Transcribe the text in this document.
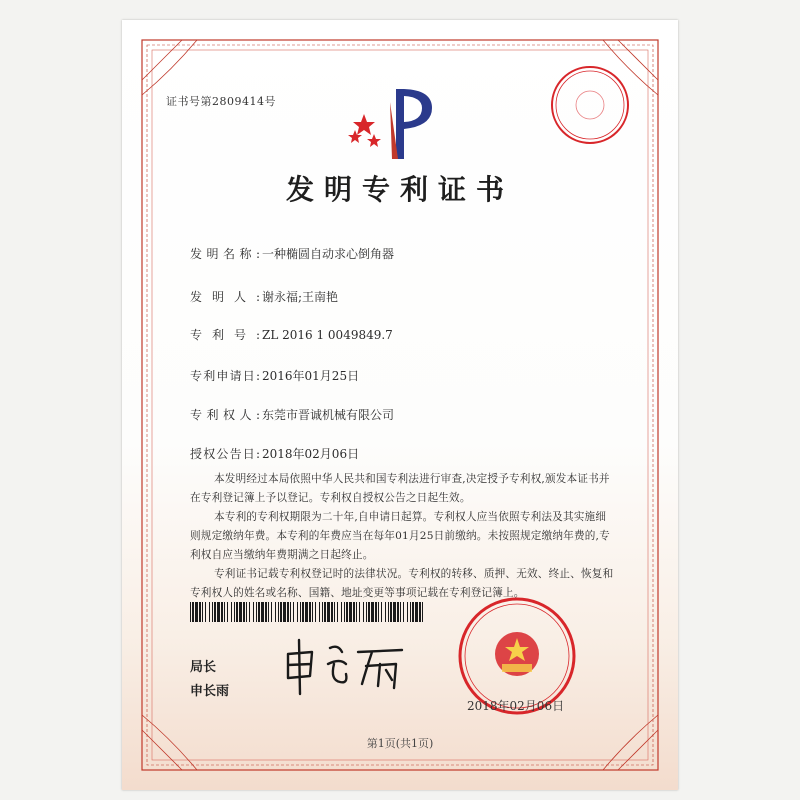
证书号第2809414号
发明专利证书
发明名称: 一种椭圆自动求心倒角器
发明人: 谢永福;王南艳
专利号: ZL 2016 1 0049849.7
专利申请日: 2016年01月25日
专利权人: 东莞市晋诚机械有限公司
授权公告日: 2018年02月06日
本发明经过本局依照中华人民共和国专利法进行审查,决定授予专利权,颁发本证书并在专利登记簿上予以登记。专利权自授权公告之日起生效。
本专利的专利权期限为二十年,自申请日起算。专利权人应当依照专利法及其实施细则规定缴纳年费。本专利的年费应当在每年01月25日前缴纳。未按照规定缴纳年费的,专利权自应当缴纳年费期满之日起终止。
专利证书记载专利权登记时的法律状况。专利权的转移、质押、无效、终止、恢复和专利权人的姓名或名称、国籍、地址变更等事项记载在专利登记簿上。
局长
申长雨
2018年02月06日
第1页(共1页)
